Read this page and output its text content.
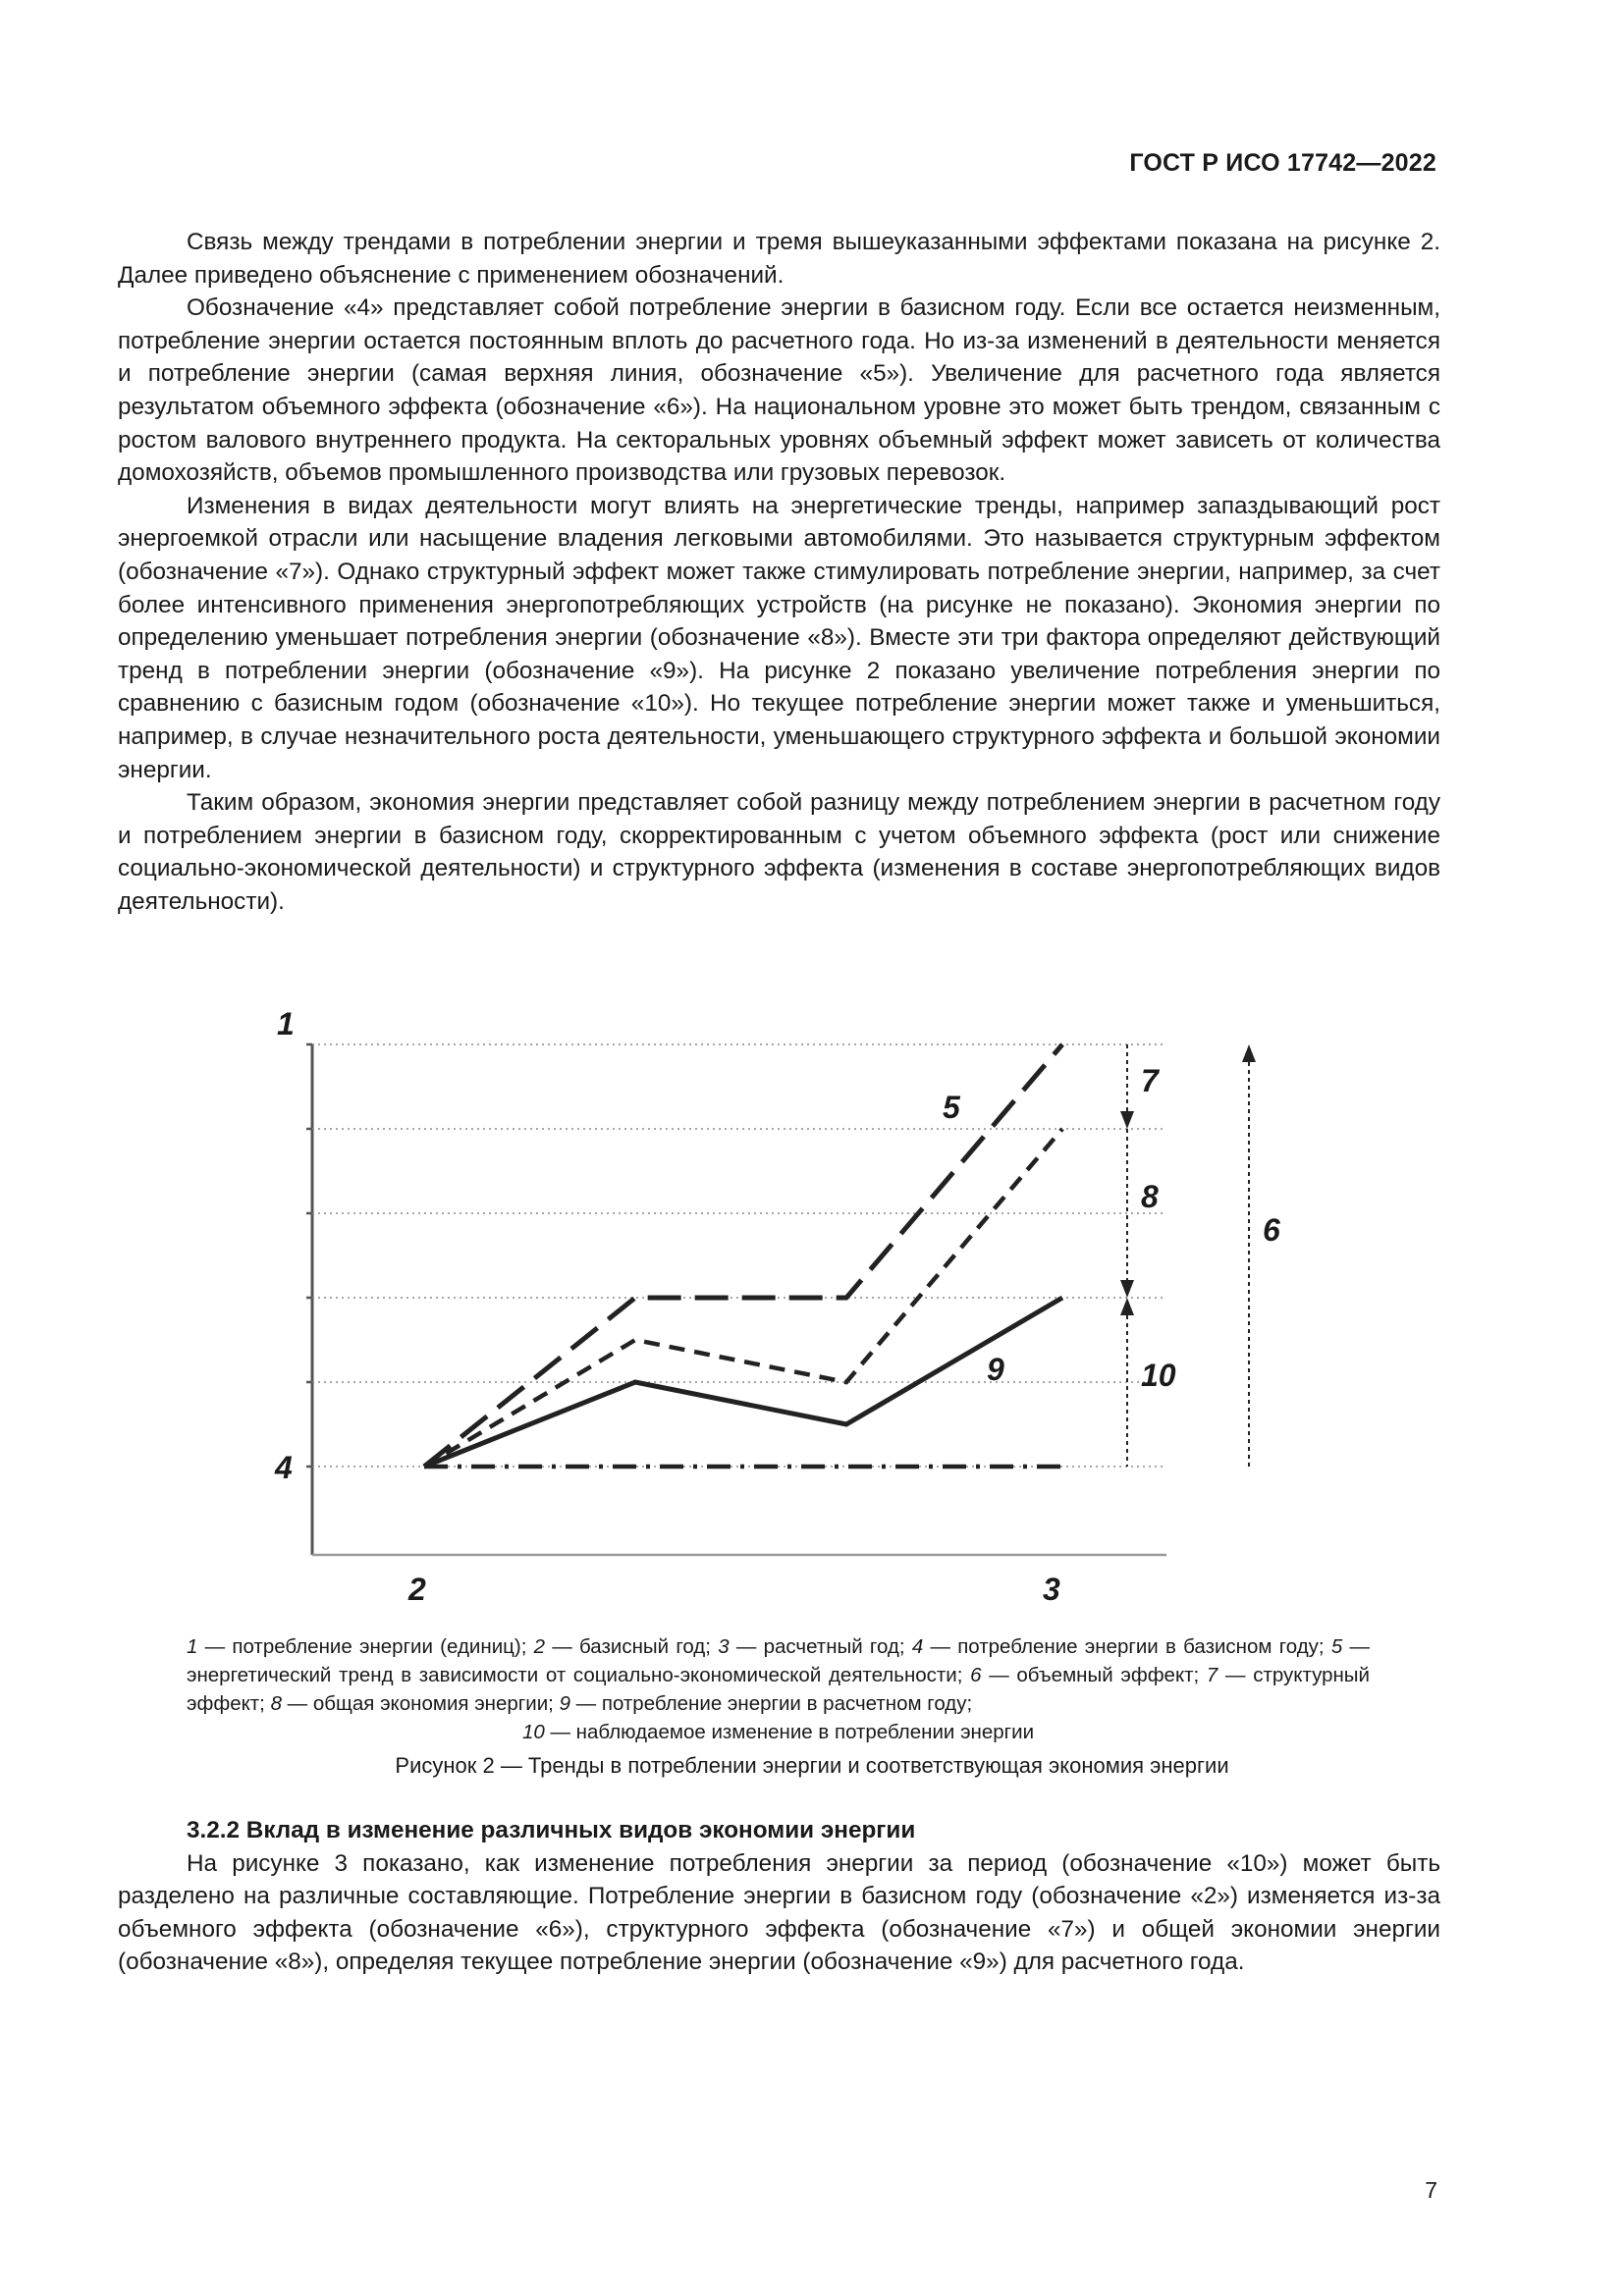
ГОСТ Р ИСО 17742—2022

Связь между трендами в потреблении энергии и тремя вышеуказанными эффектами показана на рисунке 2. Далее приведено объяснение с применением обозначений.

Обозначение «4» представляет собой потребление энергии в базисном году. Если все остается неизменным, потребление энергии остается постоянным вплоть до расчетного года. Но из-за изменений в деятельности меняется и потребление энергии (самая верхняя линия, обозначение «5»). Увеличение для расчетного года является результатом объемного эффекта (обозначение «6»). На национальном уровне это может быть трендом, связанным с ростом валового внутреннего продукта. На секторальных уровнях объемный эффект может зависеть от количества домохозяйств, объемов промышленного производства или грузовых перевозок.

Изменения в видах деятельности могут влиять на энергетические тренды, например запаздывающий рост энергоемкой отрасли или насыщение владения легковыми автомобилями. Это называется структурным эффектом (обозначение «7»). Однако структурный эффект может также стимулировать потребление энергии, например, за счет более интенсивного применения энергопотребляющих устройств (на рисунке не показано). Экономия энергии по определению уменьшает потребления энергии (обозначение «8»). Вместе эти три фактора определяют действующий тренд в потреблении энергии (обозначение «9»). На рисунке 2 показано увеличение потребления энергии по сравнению с базисным годом (обозначение «10»). Но текущее потребление энергии может также и уменьшиться, например, в случае незначительного роста деятельности, уменьшающего структурного эффекта и большой экономии энергии.

Таким образом, экономия энергии представляет собой разницу между потреблением энергии в расчетном году и потреблением энергии в базисном году, скорректированным с учетом объемного эффекта (рост или снижение социально-экономической деятельности) и структурного эффекта (изменения в составе энергопотребляющих видов деятельности).

1
4
2	3
5
9
7
8
10
6
1 — потребление энергии (единиц); 2 — базисный год; 3 — расчетный год; 4 — потребление энергии в базисном году; 5 — энергетический тренд в зависимости от социально-экономической деятельности; 6 — объемный эффект; 7 — структурный эффект; 8 — общая экономия энергии; 9 — потребление энергии в расчетном году;
10 — наблюдаемое изменение в потреблении энергии
Рисунок 2 — Тренды в потреблении энергии и соответствующая экономия энергии
3.2.2 Вклад в изменение различных видов экономии энергии

На рисунке 3 показано, как изменение потребления энергии за период (обозначение «10») может быть разделено на различные составляющие. Потребление энергии в базисном году (обозначение «2») изменяется из-за объемного эффекта (обозначение «6»), структурного эффекта (обозначение «7») и общей экономии энергии (обозначение «8»), определяя текущее потребление энергии (обозначение «9») для расчетного года.

7
